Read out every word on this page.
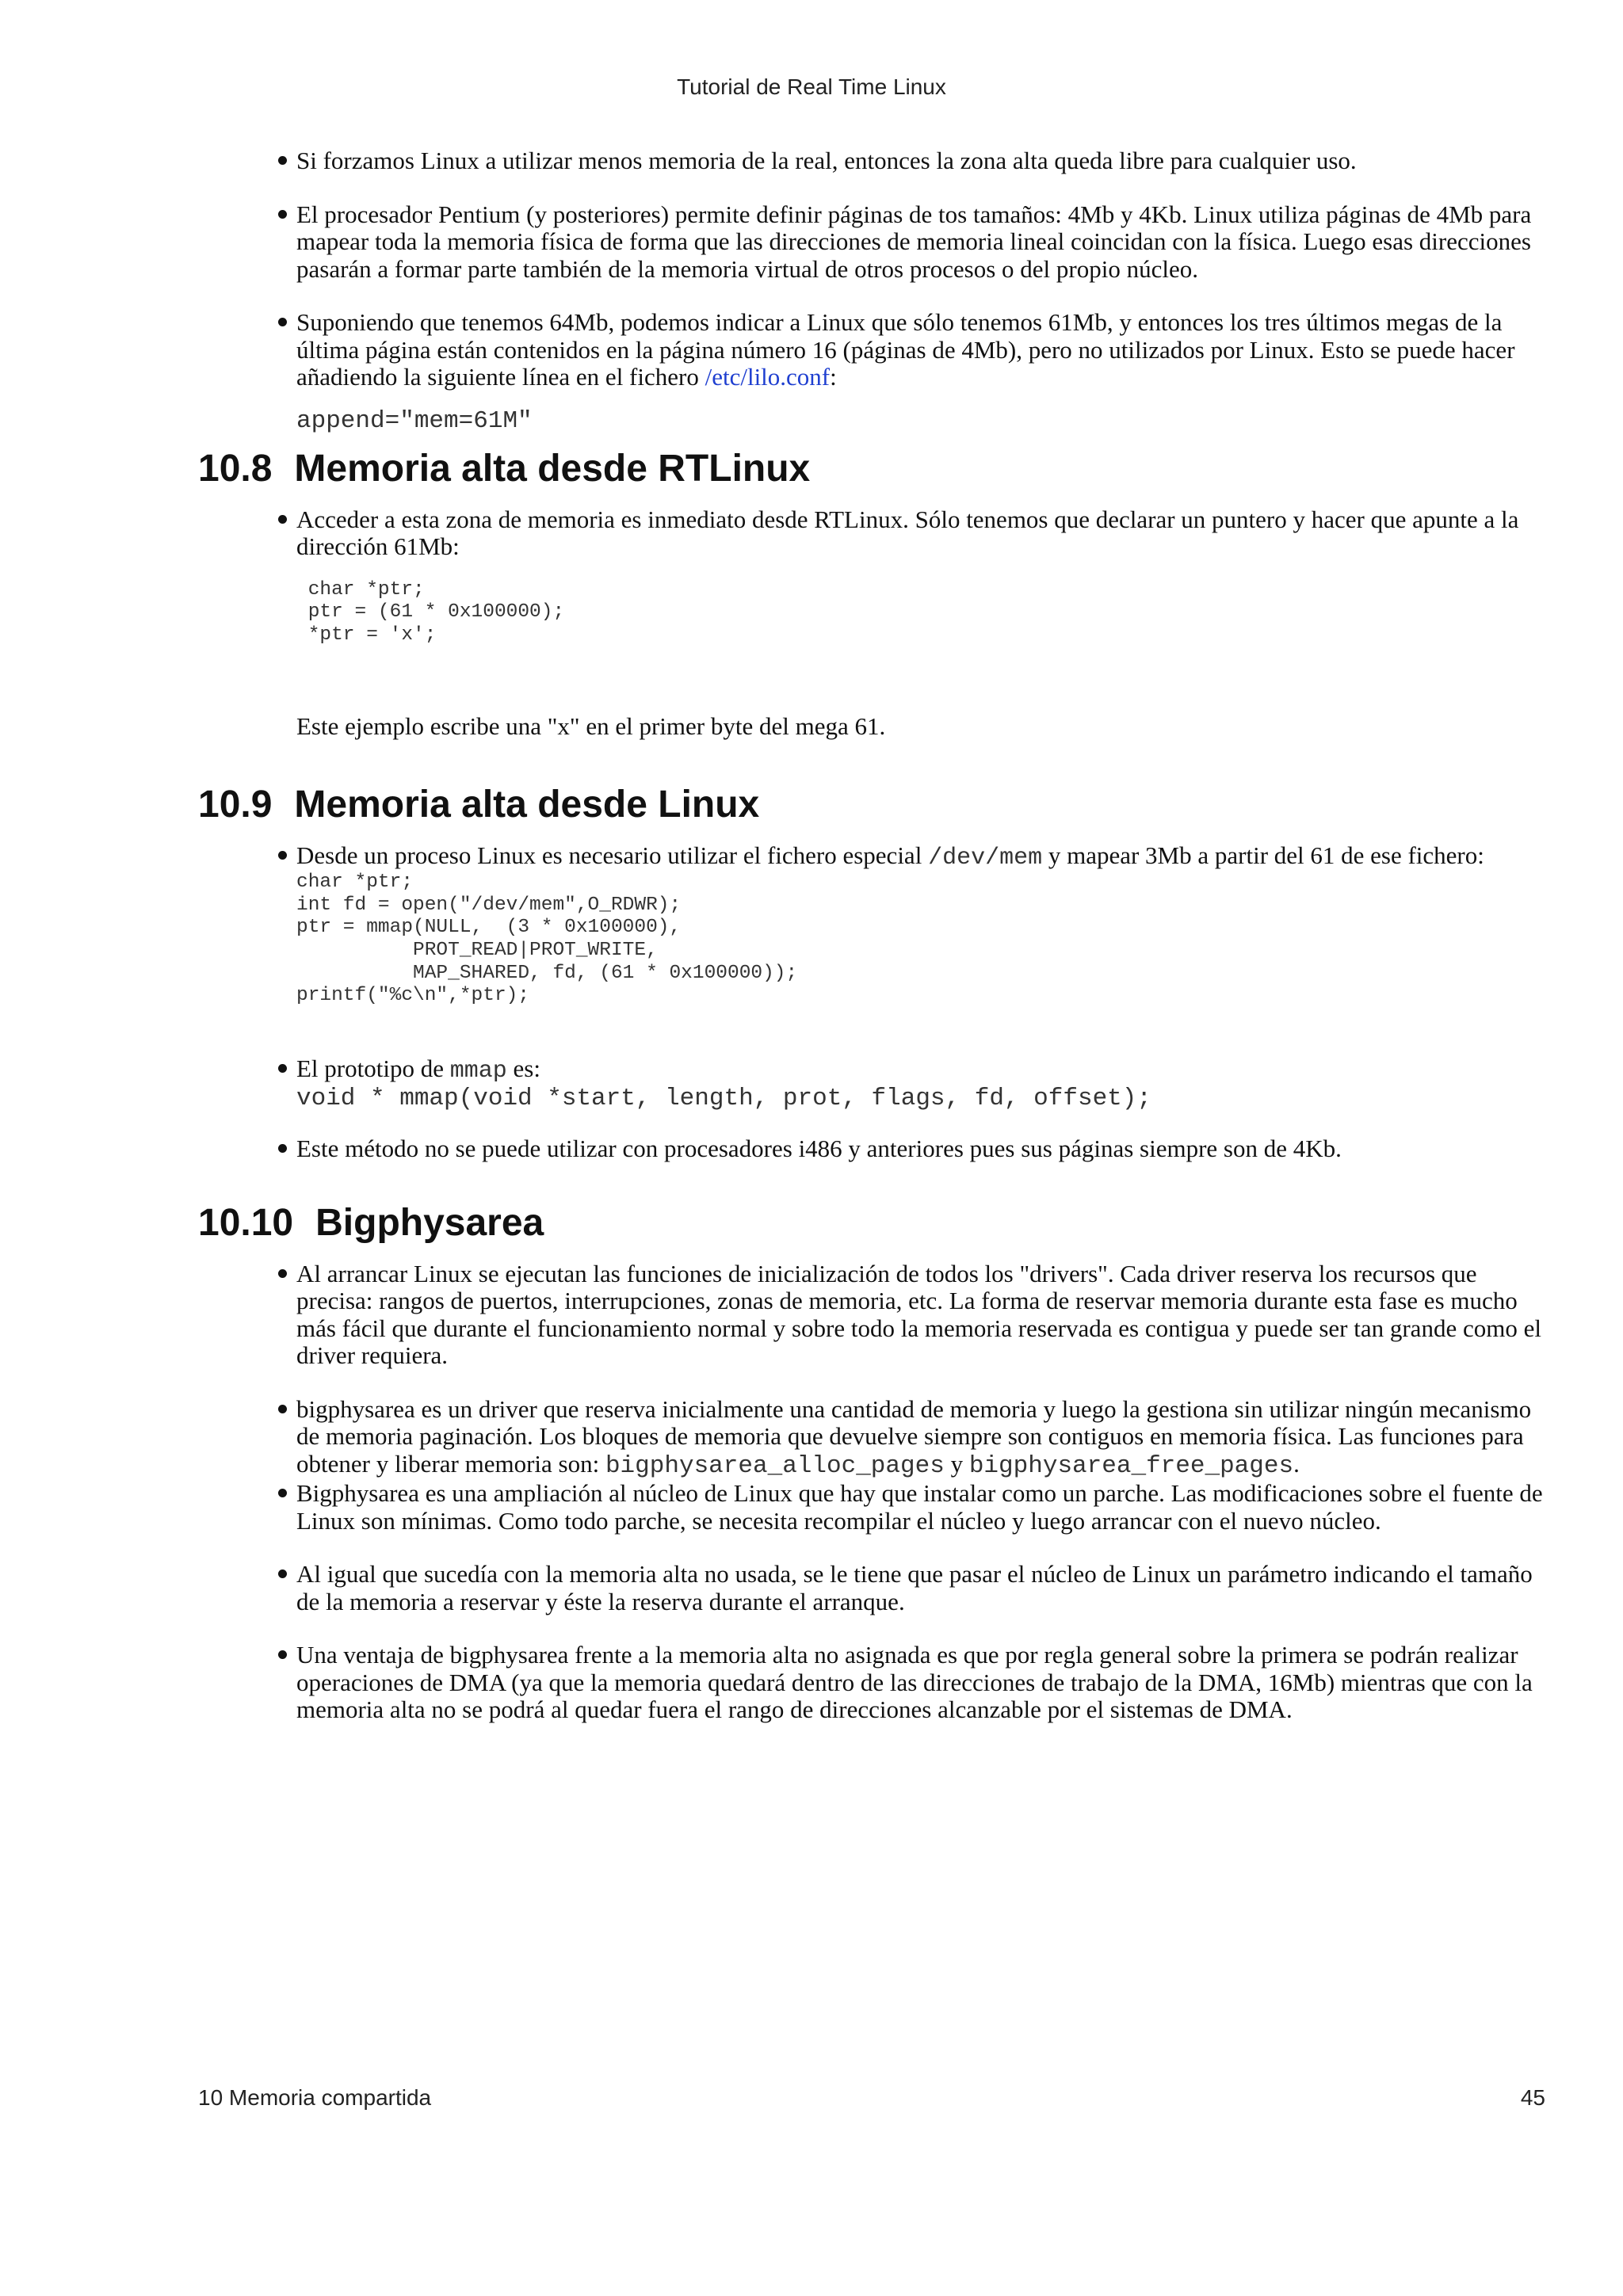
Tutorial de Real Time Linux

Si forzamos Linux a utilizar menos memoria de la real, entonces la zona alta queda libre para cualquier uso.

El procesador Pentium (y posteriores) permite definir páginas de tos tamaños: 4Mb y 4Kb. Linux utiliza páginas de 4Mb para mapear toda la memoria física de forma que las direcciones de memoria lineal coincidan con la física. Luego esas direcciones pasarán a formar parte también de la memoria virtual de otros procesos o del propio núcleo.

Suponiendo que tenemos 64Mb, podemos indicar a Linux que sólo tenemos 61Mb, y entonces los tres últimos megas de la última página están contenidos en la página número 16 (páginas de 4Mb), pero no utilizados por Linux. Esto se puede hacer añadiendo la siguiente línea en el fichero /etc/lilo.conf:

append="mem=61M"
10.8 Memoria alta desde RTLinux

Acceder a esta zona de memoria es inmediato desde RTLinux. Sólo tenemos que declarar un puntero y hacer que apunte a la dirección 61Mb:

char *ptr;
ptr = (61 * 0x100000);
*ptr = 'x';

Este ejemplo escribe una "x" en el primer byte del mega 61.

10.9 Memoria alta desde Linux

Desde un proceso Linux es necesario utilizar el fichero especial /dev/mem y mapear 3Mb a partir del 61 de ese fichero:

char *ptr;
int fd = open("/dev/mem",O_RDWR);
ptr = mmap(NULL,  (3 * 0x100000),
PROT_READ|PROT_WRITE,
MAP_SHARED, fd, (61 * 0x100000));
printf("%c\n",*ptr);

El prototipo de mmap es:

void * mmap(void *start, length, prot, flags, fd, offset);

Este método no se puede utilizar con procesadores i486 y anteriores pues sus páginas siempre son de 4Kb.

10.10 Bigphysarea

Al arrancar Linux se ejecutan las funciones de inicialización de todos los "drivers". Cada driver reserva los recursos que precisa: rangos de puertos, interrupciones, zonas de memoria, etc. La forma de reservar memoria durante esta fase es mucho más fácil que durante el funcionamiento normal y sobre todo la memoria reservada es contigua y puede ser tan grande como el driver requiera.

bigphysarea es un driver que reserva inicialmente una cantidad de memoria y luego la gestiona sin utilizar ningún mecanismo de memoria paginación. Los bloques de memoria que devuelve siempre son contiguos en memoria física. Las funciones para obtener y liberar memoria son: bigphysarea_alloc_pages y bigphysarea_free_pages.

Bigphysarea es una ampliación al núcleo de Linux que hay que instalar como un parche. Las modificaciones sobre el fuente de Linux son mínimas. Como todo parche, se necesita recompilar el núcleo y luego arrancar con el nuevo núcleo.

Al igual que sucedía con la memoria alta no usada, se le tiene que pasar el núcleo de Linux un parámetro indicando el tamaño de la memoria a reservar y éste la reserva durante el arranque.

Una ventaja de bigphysarea frente a la memoria alta no asignada es que por regla general sobre la primera se podrán realizar operaciones de DMA (ya que la memoria quedará dentro de las direcciones de trabajo de la DMA, 16Mb) mientras que con la memoria alta no se podrá al quedar fuera el rango de direcciones alcanzable por el sistemas de DMA.

10 Memoria compartida	45
